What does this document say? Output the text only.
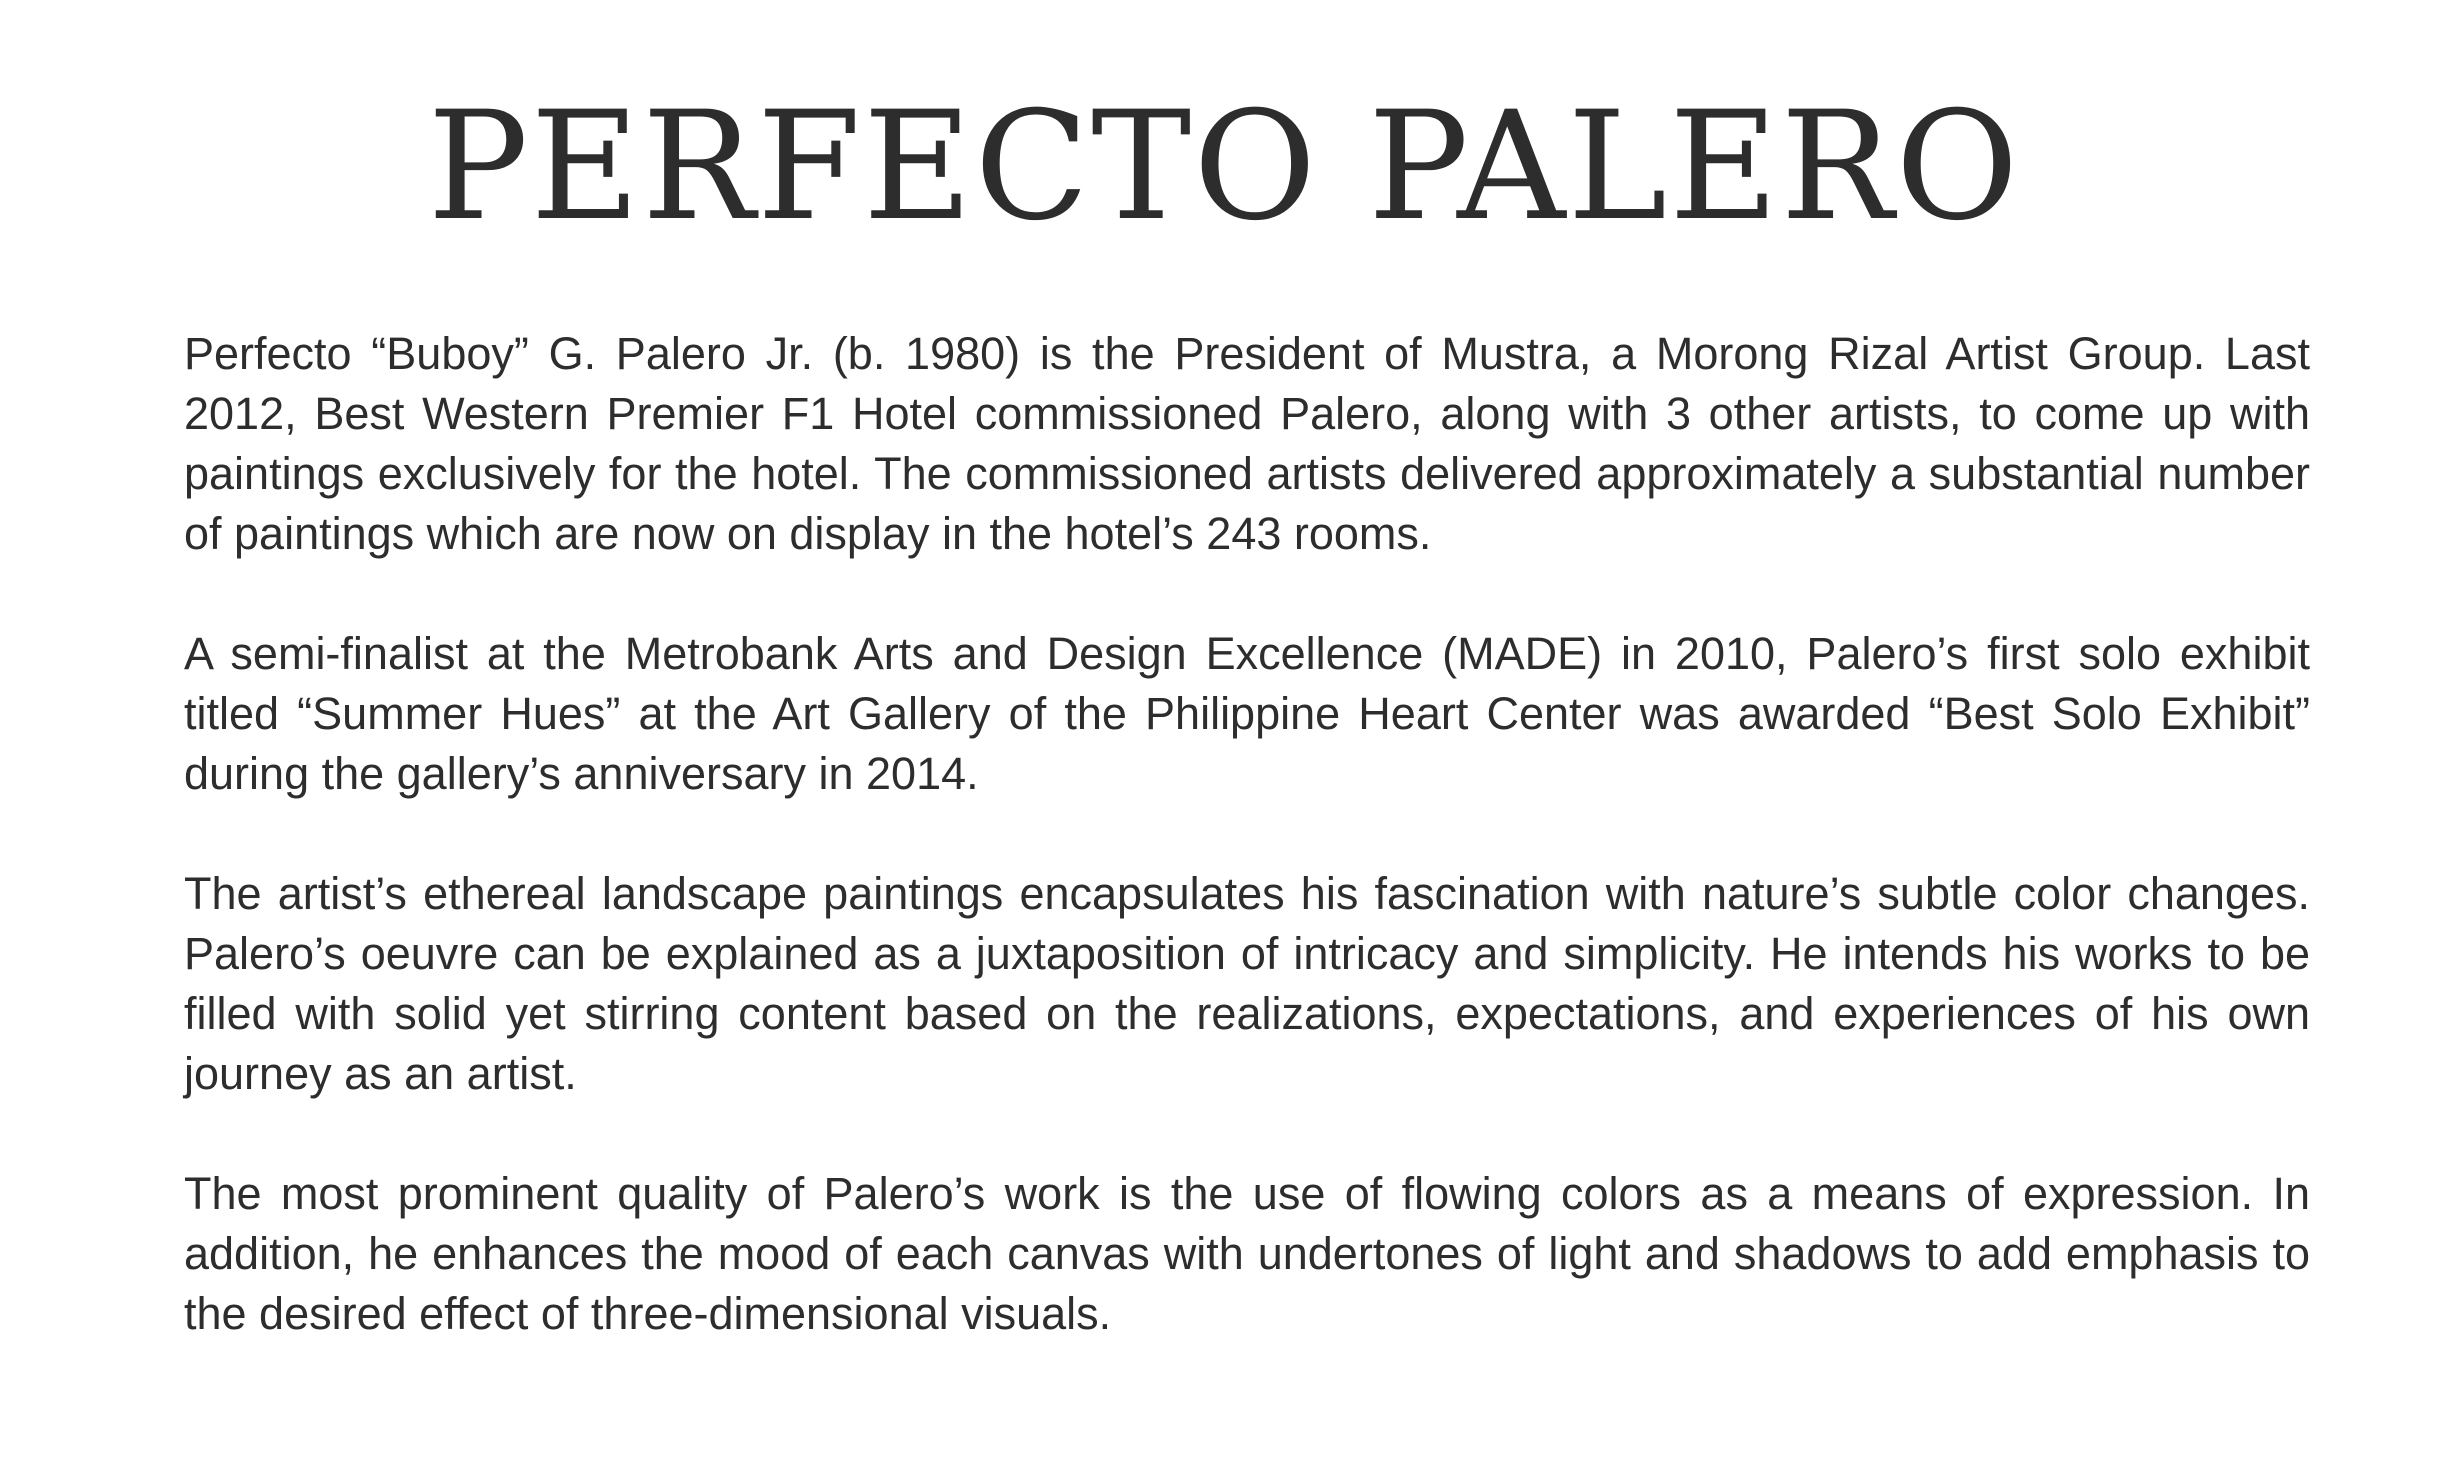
PERFECTO PALERO

Perfecto “Buboy” G. Palero Jr. (b. 1980) is the President of Mustra, a Morong Rizal Artist Group. Last 2012, Best Western Premier F1 Hotel commissioned Palero, along with 3 other artists, to come up with paintings exclusively for the hotel. The commissioned artists delivered approximately a substantial number of paintings which are now on display in the hotel’s 243 rooms.

A semi-finalist at the Metrobank Arts and Design Excellence (MADE) in 2010, Palero’s first solo exhibit titled “Summer Hues” at the Art Gallery of the Philippine Heart Center was awarded “Best Solo Exhibit” during the gallery’s anniversary in 2014.

The artist’s ethereal landscape paintings encapsulates his fascination with nature’s subtle color changes. Palero’s oeuvre can be explained as a juxtaposition of intricacy and simplicity. He intends his works to be filled with solid yet stirring content based on the realizations, expectations, and experiences of his own journey as an artist.

The most prominent quality of Palero’s work is the use of flowing colors as a means of expression. In addition, he enhances the mood of each canvas with undertones of light and shadows to add emphasis to the desired effect of three-dimensional visuals.
